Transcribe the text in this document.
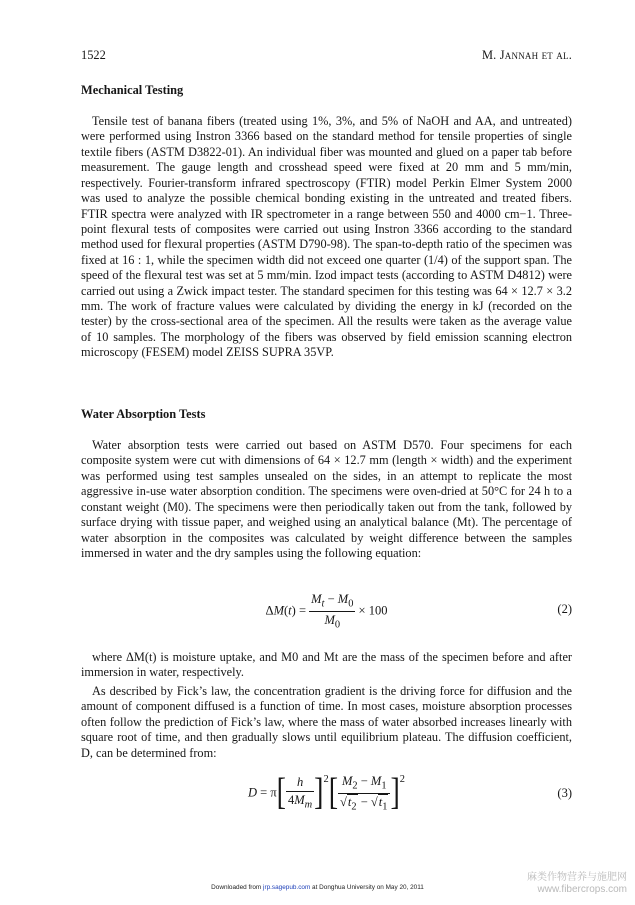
1522	M. Jannah et al.
Mechanical Testing

Tensile test of banana fibers (treated using 1%, 3%, and 5% of NaOH and AA, and untreated) were performed using Instron 3366 based on the standard method for tensile properties of single textile fibers (ASTM D3822-01). An individual fiber was mounted and glued on a paper tab before measurement. The gauge length and crosshead speed were fixed at 20 mm and 5 mm/min, respectively. Fourier-transform infrared spectroscopy (FTIR) model Perkin Elmer System 2000 was used to analyze the possible chemical bonding existing in the untreated and treated fibers. FTIR spectra were analyzed with IR spectrometer in a range between 550 and 4000 cm−1. Three-point flexural tests of composites were carried out using Instron 3366 according to the standard method used for flexural properties (ASTM D790-98). The span-to-depth ratio of the specimen was fixed at 16 : 1, while the specimen width did not exceed one quarter (1/4) of the support span. The speed of the flexural test was set at 5 mm/min. Izod impact tests (according to ASTM D4812) were carried out using a Zwick impact tester. The standard specimen for this testing was 64 × 12.7 × 3.2 mm. The work of fracture values were calculated by dividing the energy in kJ (recorded on the tester) by the cross-sectional area of the specimen. All the results were taken as the average value of 10 samples. The morphology of the fibers was observed by field emission scanning electron microscopy (FESEM) model ZEISS SUPRA 35VP.

Water Absorption Tests

Water absorption tests were carried out based on ASTM D570. Four specimens for each composite system were cut with dimensions of 64 × 12.7 mm (length × width) and the experiment was performed using test samples unsealed on the sides, in an attempt to replicate the most aggressive in-use water absorption condition. The specimens were oven-dried at 50°C for 24 h to a constant weight (M0). The specimens were then periodically taken out from the tank, followed by surface drying with tissue paper, and weighed using an analytical balance (Mt). The percentage of water absorption in the composites was calculated by weight difference between the samples immersed in water and the dry samples using the following equation:

$\Delta M(t) = \frac{M_t - M_0}{M_0} \times 100$	(2)

where ΔM(t) is moisture uptake, and M0 and Mt are the mass of the specimen before and after immersion in water, respectively.

As described by Fick’s law, the concentration gradient is the driving force for diffusion and the amount of component diffused is a function of time. In most cases, moisture absorption processes often follow the prediction of Fick’s law, where the mass of water absorbed increases linearly with square root of time, and then gradually slows until equilibrium plateau. The diffusion coefficient, D, can be determined from:

$D = \pi[ \frac{h}{4M_m} ]^2[ \frac{M_2 - M_1}{√t_2 - √t_1} ]^2$
(3)
Downloaded from jrp.sagepub.com at Donghua University on May 20, 2011
麻类作物营养与施肥网
www.fibercrops.com
